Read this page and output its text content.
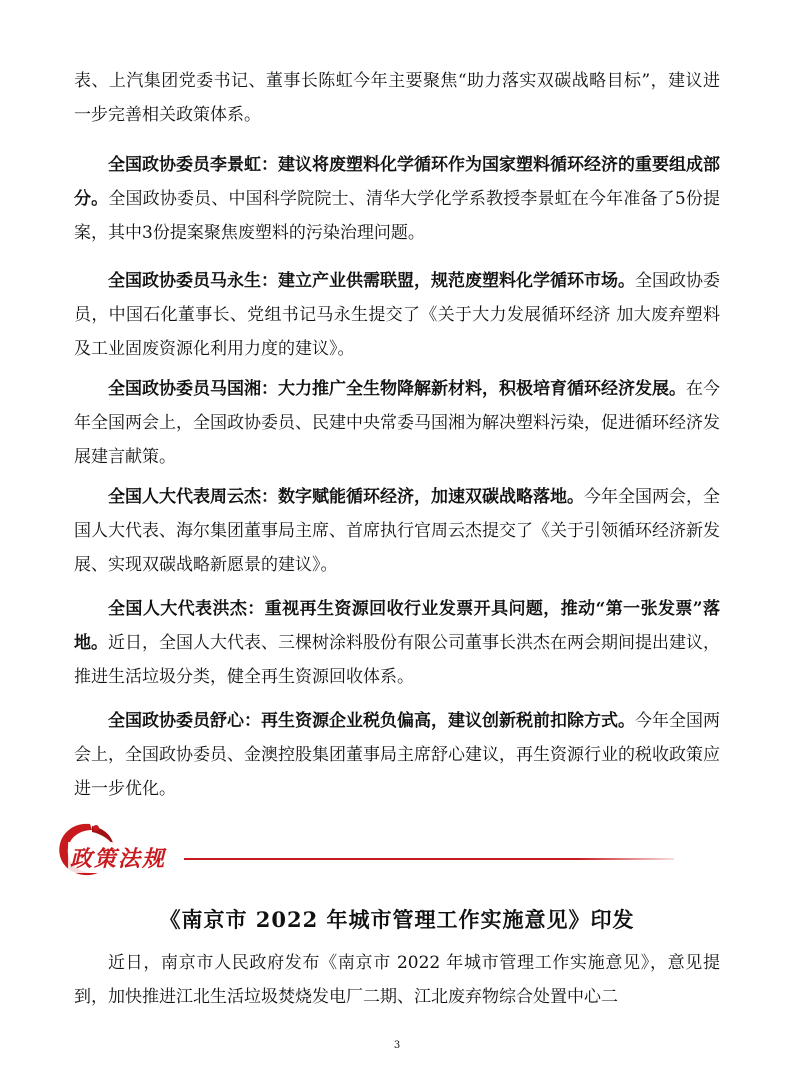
表、上汽集团党委书记、董事长陈虹今年主要聚焦“助力落实双碳战略目标”，建议进一步完善相关政策体系。

全国政协委员李景虹：建议将废塑料化学循环作为国家塑料循环经济的重要组成部分。全国政协委员、中国科学院院士、清华大学化学系教授李景虹在今年准备了5份提案，其中3份提案聚焦废塑料的污染治理问题。

全国政协委员马永生：建立产业供需联盟，规范废塑料化学循环市场。全国政协委员，中国石化董事长、党组书记马永生提交了《关于大力发展循环经济 加大废弃塑料及工业固废资源化利用力度的建议》。

全国政协委员马国湘：大力推广全生物降解新材料，积极培育循环经济发展。在今年全国两会上，全国政协委员、民建中央常委马国湘为解决塑料污染，促进循环经济发展建言献策。

全国人大代表周云杰：数字赋能循环经济，加速双碳战略落地。今年全国两会，全国人大代表、海尔集团董事局主席、首席执行官周云杰提交了《关于引领循环经济新发展、实现双碳战略新愿景的建议》。

全国人大代表洪杰：重视再生资源回收行业发票开具问题，推动“第一张发票”落地。近日，全国人大代表、三棵树涂料股份有限公司董事长洪杰在两会期间提出建议，推进生活垃圾分类，健全再生资源回收体系。

全国政协委员舒心：再生资源企业税负偏高，建议创新税前扣除方式。今年全国两会上，全国政协委员、金澳控股集团董事局主席舒心建议，再生资源行业的税收政策应进一步优化。

政策法规
《南京市 2022 年城市管理工作实施意见》印发

近日，南京市人民政府发布《南京市 2022 年城市管理工作实施意见》，意见提到，加快推进江北生活垃圾焚烧发电厂二期、江北废弃物综合处置中心二

3
